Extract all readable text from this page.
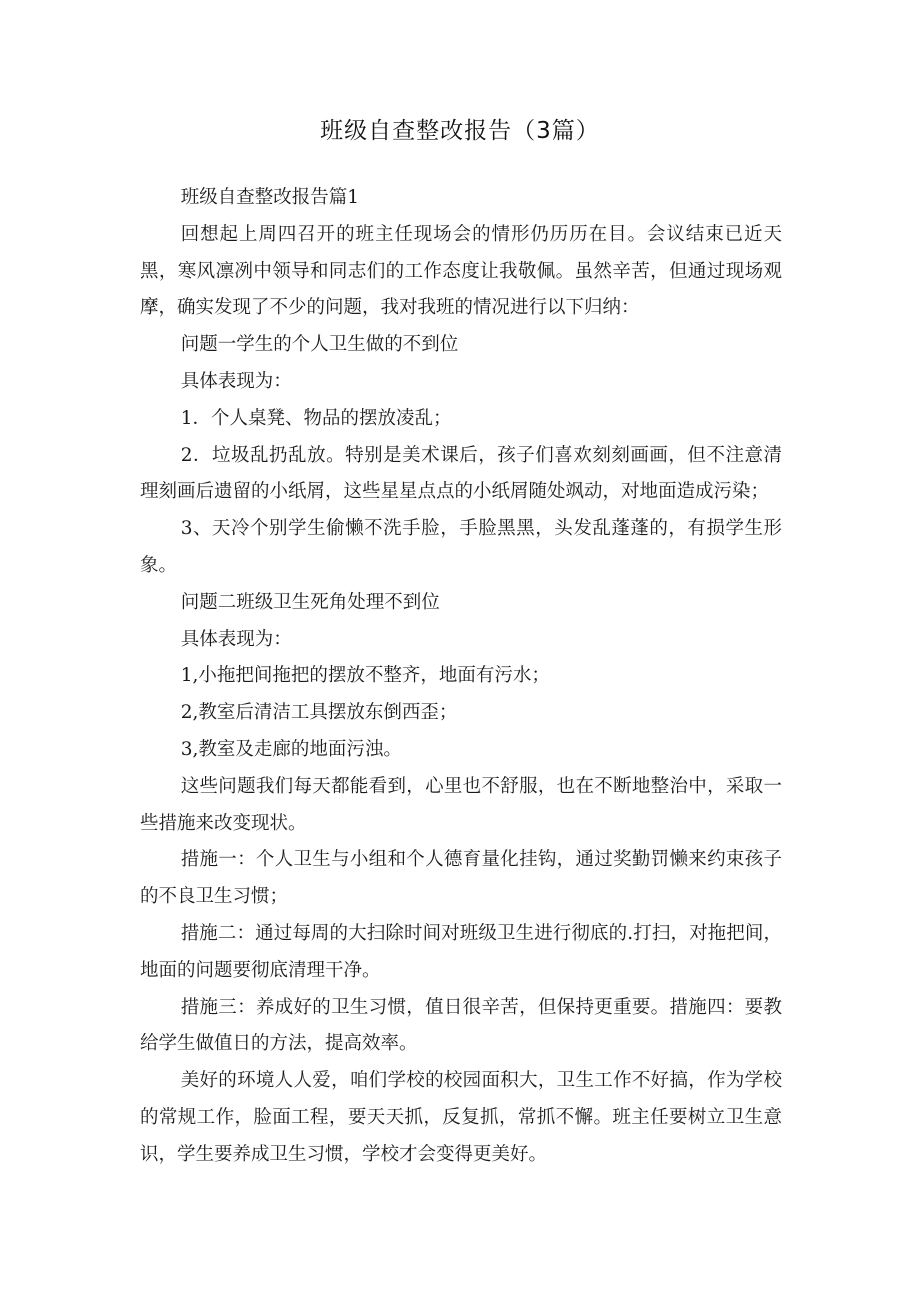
班级自查整改报告（3篇）

班级自查整改报告篇1

回想起上周四召开的班主任现场会的情形仍历历在目。会议结束已近天黑，寒风凛冽中领导和同志们的工作态度让我敬佩。虽然辛苦，但通过现场观摩，确实发现了不少的问题，我对我班的情况进行以下归纳：

问题一学生的个人卫生做的不到位

具体表现为：

1．个人桌凳、物品的摆放凌乱；

2．垃圾乱扔乱放。特别是美术课后，孩子们喜欢刻刻画画，但不注意清理刻画后遗留的小纸屑，这些星星点点的小纸屑随处飒动，对地面造成污染；

3、天冷个别学生偷懒不洗手脸，手脸黑黑，头发乱蓬蓬的，有损学生形象。

问题二班级卫生死角处理不到位

具体表现为：

1,小拖把间拖把的摆放不整齐，地面有污水；

2,教室后清洁工具摆放东倒西歪；

3,教室及走廊的地面污浊。

这些问题我们每天都能看到，心里也不舒服，也在不断地整治中，采取一些措施来改变现状。

措施一：个人卫生与小组和个人德育量化挂钩，通过奖勤罚懒来约束孩子的不良卫生习惯；

措施二：通过每周的大扫除时间对班级卫生进行彻底的.打扫，对拖把间，地面的问题要彻底清理干净。

措施三：养成好的卫生习惯，值日很辛苦，但保持更重要。措施四：要教给学生做值日的方法，提高效率。

美好的环境人人爱，咱们学校的校园面积大，卫生工作不好搞，作为学校的常规工作，脸面工程，要天天抓，反复抓，常抓不懈。班主任要树立卫生意识，学生要养成卫生习惯，学校才会变得更美好。
